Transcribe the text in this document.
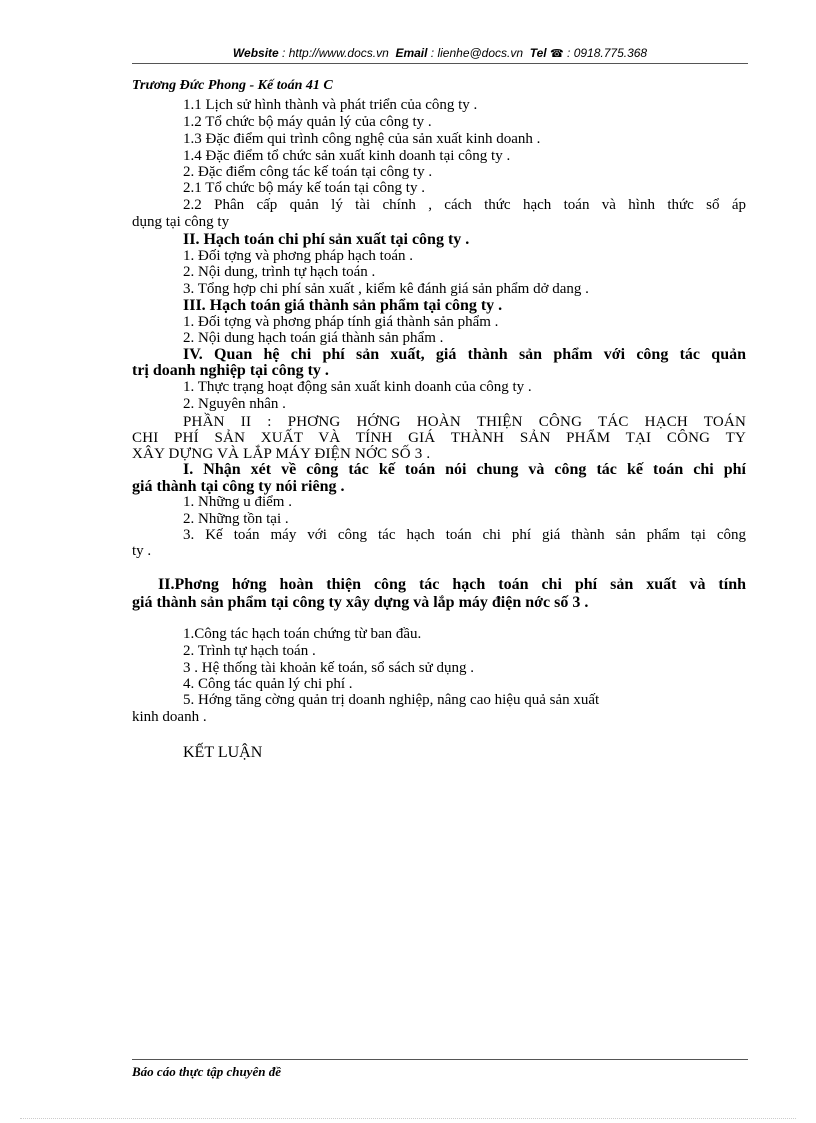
Website : http://www.docs.vn Email : lienhe@docs.vn Tel ☎ : 0918.775.368
Trương Đức Phong - Kế toán 41 C
1.1 Lịch sử hình thành và phát triển của công ty .
1.2 Tổ chức bộ máy quản lý của công ty .
1.3 Đặc điểm qui trình công nghệ của sản xuất kinh doanh .
1.4 Đặc điểm tổ chức sản xuất kinh doanh tại công ty .
2. Đặc điểm công tác kế toán tại công ty .
2.1 Tổ chức bộ máy kế toán tại công ty .
2.2 Phân cấp quản lý tài chính , cách thức hạch toán và hình thức sổ áp
dụng tại công ty
II. Hạch toán chi phí sản xuất tại công ty .
1. Đối tợng và phơng pháp hạch toán .
2. Nội dung, trình tự hạch toán .
3. Tổng hợp chi phí sản xuất , kiểm kê đánh giá sản phẩm dở dang .
III. Hạch toán giá thành sản phẩm tại công ty .
1. Đối tợng và phơng pháp tính giá thành sản phẩm .
2. Nội dung hạch toán giá thành sản phẩm .
IV. Quan hệ chi phí sản xuất, giá thành sản phẩm với công tác quản
trị doanh nghiệp tại công ty .
1. Thực trạng hoạt động sản xuất kinh doanh của công ty .
2. Nguyên nhân .
PHẦN II : PHƠNG HỚNG HOÀN THIỆN CÔNG TÁC HẠCH TOÁN
CHI PHÍ SẢN XUẤT VÀ TÍNH GIÁ THÀNH SẢN PHẨM TẠI CÔNG TY
XÂY DỰNG VÀ LẮP MÁY ĐIỆN NỚC SỐ 3 .
I. Nhận xét về công tác kế toán nói chung và công tác kế toán chi phí
giá thành tại công ty nói riêng .
1. Những u điểm .
2. Những tồn tại .
3. Kế toán máy với công tác hạch toán chi phí giá thành sản phẩm tại công
ty .
II.Phơng hớng hoàn thiện công tác hạch toán chi phí sản xuất và tính
giá thành sản phẩm tại công ty xây dựng và lắp máy điện nớc số 3 .
1.Công tác hạch toán chứng từ ban đầu.
2. Trình tự hạch toán .
3 . Hệ thống tài khoản kế toán, sổ sách sử dụng .
4. Công tác quản lý chi phí .
5. Hớng tăng cờng quản trị doanh nghiệp, nâng cao hiệu quả sản xuất
kinh doanh .
KẾT LUẬN
Báo cáo thực tập chuyên đề
